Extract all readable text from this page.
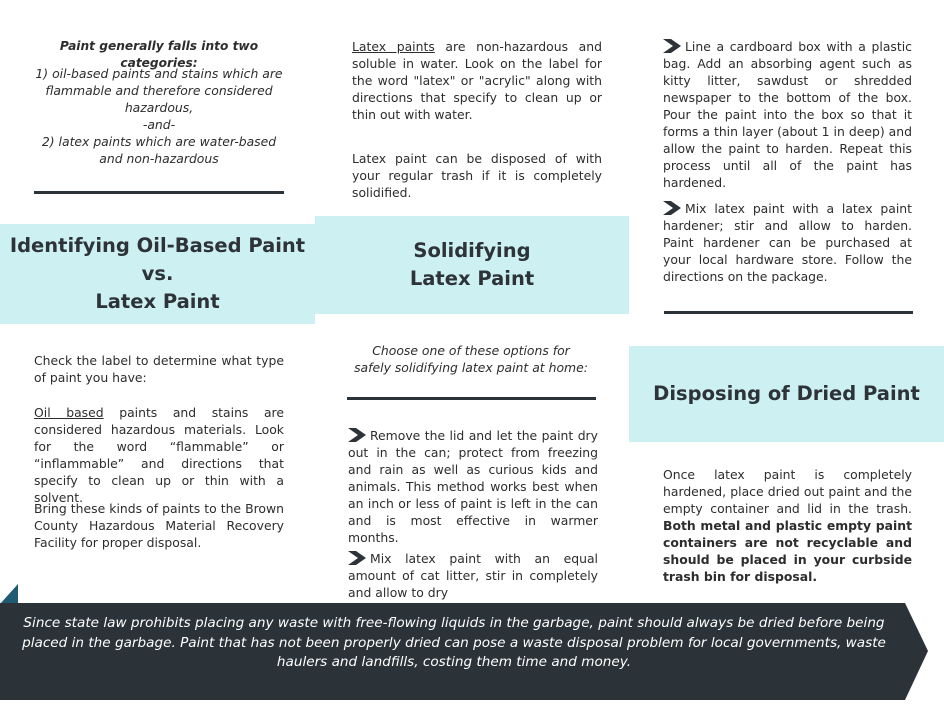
Paint generally falls into two categories:
1) oil-based paints and stains which are flammable and therefore considered hazardous,
-and-
2) latex paints which are water-based and non-hazardous
Identifying Oil-Based Paint
vs.
Latex Paint
Check the label to determine what type of paint you have:
Oil based paints and stains are considered hazardous materials. Look for the word “flammable” or “inflammable” and directions that specify to clean up or thin with a solvent.
Bring these kinds of paints to the Brown County Hazardous Material Recovery Facility for proper disposal.
Latex paints are non-hazardous and soluble in water. Look on the label for the word "latex" or "acrylic" along with directions that specify to clean up or thin out with water.
Latex paint can be disposed of with your regular trash if it is completely solidified.
Solidifying
Latex Paint
Choose one of these options for safely solidifying latex paint at home:
Remove the lid and let the paint dry out in the can; protect from freezing and rain as well as curious kids and animals. This method works best when an inch or less of paint is left in the can and is most effective in warmer months.
Mix latex paint with an equal amount of cat litter, stir in completely and allow to dry
Line a cardboard box with a plastic bag. Add an absorbing agent such as kitty litter, sawdust or shredded newspaper to the bottom of the box. Pour the paint into the box so that it forms a thin layer (about 1 in deep) and allow the paint to harden. Repeat this process until all of the paint has hardened.
Mix latex paint with a latex paint hardener; stir and allow to harden. Paint hardener can be purchased at your local hardware store. Follow the directions on the package.
Disposing of Dried Paint
Once latex paint is completely hardened, place dried out paint and the empty container and lid in the trash. Both metal and plastic empty paint containers are not recyclable and should be placed in your curbside trash bin for disposal.
Since state law prohibits placing any waste with free-flowing liquids in the garbage, paint should always be dried before being placed in the garbage. Paint that has not been properly dried can pose a waste disposal problem for local governments, waste haulers and landfills, costing them time and money.
